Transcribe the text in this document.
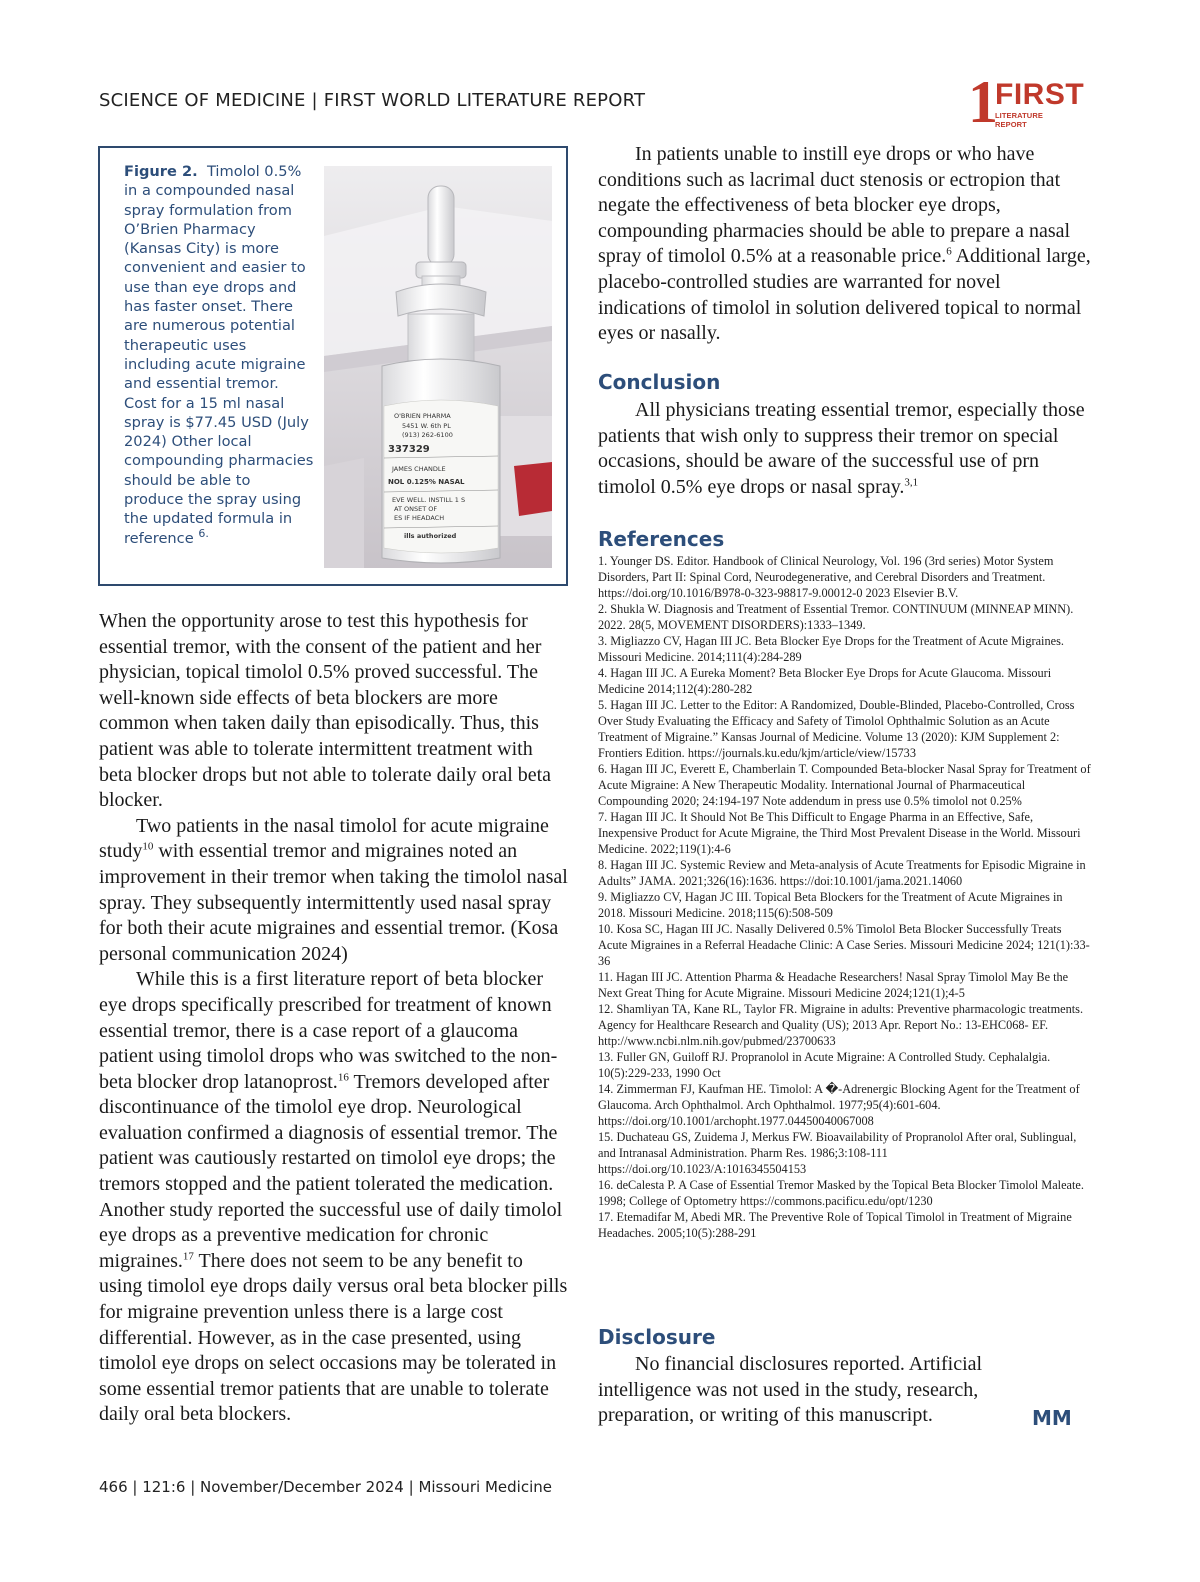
SCIENCE OF MEDICINE | FIRST WORLD LITERATURE REPORT	1
FIRST
LITERATURE REPORT
Figure 2. Timolol 0.5% in a compounded nasal spray formulation from O’Brien Pharmacy (Kansas City) is more convenient and easier to use than eye drops and has faster onset. There are numerous potential therapeutic uses including acute migraine and essential tremor. Cost for a 15 ml nasal spray is $77.45 USD (July 2024) Other local compounding pharmacies should be able to produce the spray using the updated formula in reference $^{6.}$
O'BRIEN PHARMA
5451 W. 6th PL
(913) 262-6100
337329
JAMES CHANDLE
NOL 0.125% NASAL
EVE WELL. INSTILL 1 S
AT ONSET OF
ES IF HEADACH
ills authorized

When the opportunity arose to test this hypothesis for essential tremor, with the consent of the patient and her physician, topical timolol 0.5% proved successful. The well-known side effects of beta blockers are more common when taken daily than episodically. Thus, this patient was able to tolerate intermittent treatment with beta blocker drops but not able to tolerate daily oral beta blocker.

Two patients in the nasal timolol for acute migraine study$^{10}$ with essential tremor and migraines noted an improvement in their tremor when taking the timolol nasal spray. They subsequently intermittently used nasal spray for both their acute migraines and essential tremor. (Kosa personal communication 2024)

While this is a first literature report of beta blocker eye drops specifically prescribed for treatment of known essential tremor, there is a case report of a glaucoma patient using timolol drops who was switched to the non-beta blocker drop latanoprost.$^{16}$ Tremors developed after discontinuance of the timolol eye drop. Neurological evaluation confirmed a diagnosis of essential tremor. The patient was cautiously restarted on timolol eye drops; the tremors stopped and the patient tolerated the medication. Another study reported the successful use of daily timolol eye drops as a preventive medication for chronic migraines.$^{17}$ There does not seem to be any benefit to using timolol eye drops daily versus oral beta blocker pills for migraine prevention unless there is a large cost differential. However, as in the case presented, using timolol eye drops on select occasions may be tolerated in some essential tremor patients that are unable to tolerate daily oral beta blockers.

In patients unable to instill eye drops or who have conditions such as lacrimal duct stenosis or ectropion that negate the effectiveness of beta blocker eye drops, compounding pharmacies should be able to prepare a nasal spray of timolol 0.5% at a reasonable price.$^6$ Additional large, placebo-controlled studies are warranted for novel indications of timolol in solution delivered topical to normal eyes or nasally.

Conclusion

All physicians treating essential tremor, especially those patients that wish only to suppress their tremor on special occasions, should be aware of the successful use of prn timolol 0.5% eye drops or nasal spray.$^{3,1}$

References
1. Younger DS. Editor. Handbook of Clinical Neurology, Vol. 196 (3rd series) Motor System Disorders, Part II: Spinal Cord, Neurodegenerative, and Cerebral Disorders and Treatment. https://doi.org/10.1016/B978-0-323-98817-9.00012-0 2023 Elsevier B.V.
2. Shukla W. Diagnosis and Treatment of Essential Tremor. CONTINUUM (MINNEAP MINN). 2022. 28(5, MOVEMENT DISORDERS):1333–1349.
3. Migliazzo CV, Hagan III JC. Beta Blocker Eye Drops for the Treatment of Acute Migraines. Missouri Medicine. 2014;111(4):284-289
4. Hagan III JC. A Eureka Moment? Beta Blocker Eye Drops for Acute Glaucoma. Missouri Medicine 2014;112(4):280-282
5. Hagan III JC. Letter to the Editor: A Randomized, Double-Blinded, Placebo-Controlled, Cross Over Study Evaluating the Efficacy and Safety of Timolol Ophthalmic Solution as an Acute Treatment of Migraine.” Kansas Journal of Medicine. Volume 13 (2020): KJM Supplement 2: Frontiers Edition. https://journals.ku.edu/kjm/article/view/15733
6. Hagan III JC, Everett E, Chamberlain T. Compounded Beta-blocker Nasal Spray for Treatment of Acute Migraine: A New Therapeutic Modality. International Journal of Pharmaceutical Compounding 2020; 24:194-197 Note addendum in press use 0.5% timolol not 0.25%
7. Hagan III JC. It Should Not Be This Difficult to Engage Pharma in an Effective, Safe, Inexpensive Product for Acute Migraine, the Third Most Prevalent Disease in the World. Missouri Medicine. 2022;119(1):4-6
8. Hagan III JC. Systemic Review and Meta-analysis of Acute Treatments for Episodic Migraine in Adults” JAMA. 2021;326(16):1636. https://doi:10.1001/jama.2021.14060
9. Migliazzo CV, Hagan JC III. Topical Beta Blockers for the Treatment of Acute Migraines in 2018. Missouri Medicine. 2018;115(6):508-509
10. Kosa SC, Hagan III JC. Nasally Delivered 0.5% Timolol Beta Blocker Successfully Treats Acute Migraines in a Referral Headache Clinic: A Case Series. Missouri Medicine 2024; 121(1):33-36
11. Hagan III JC. Attention Pharma & Headache Researchers! Nasal Spray Timolol May Be the Next Great Thing for Acute Migraine. Missouri Medicine 2024;121(1);4-5
12. Shamliyan TA, Kane RL, Taylor FR. Migraine in adults: Preventive pharmacologic treatments. Agency for Healthcare Research and Quality (US); 2013 Apr. Report No.: 13-EHC068- EF. http://www.ncbi.nlm.nih.gov/pubmed/23700633
13. Fuller GN, Guiloff RJ. Propranolol in Acute Migraine: A Controlled Study. Cephalalgia. 10(5):229-233, 1990 Oct
14. Zimmerman FJ, Kaufman HE. Timolol: A �-Adrenergic Blocking Agent for the Treatment of Glaucoma. Arch Ophthalmol. Arch Ophthalmol. 1977;95(4):601-604. https://doi.org/10.1001/archopht.1977.04450040067008
15. Duchateau GS, Zuidema J, Merkus FW. Bioavailability of Propranolol After oral, Sublingual, and Intranasal Administration. Pharm Res. 1986;3:108-111 https://doi.org/10.1023/A:1016345504153
16. deCalesta P. A Case of Essential Tremor Masked by the Topical Beta Blocker Timolol Maleate. 1998; College of Optometry https://commons.pacificu.edu/opt/1230
17. Etemadifar M, Abedi MR. The Preventive Role of Topical Timolol in Treatment of Migraine Headaches. 2005;10(5):288-291
Disclosure

No financial disclosures reported. Artificial intelligence was not used in the study, research, preparation, or writing of this manuscript.	MM
466 | 121:6 | November/December 2024 | Missouri Medicine
